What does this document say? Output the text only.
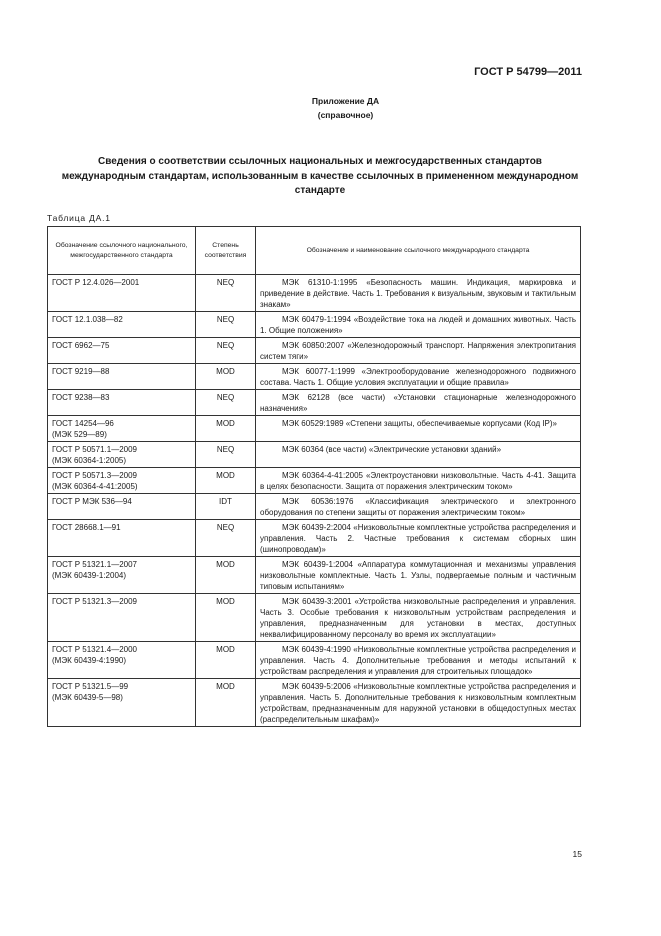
ГОСТ Р 54799—2011
Приложение ДА
(справочное)
Сведения о соответствии ссылочных национальных и межгосударственных стандартов международным стандартам, использованным в качестве ссылочных в примененном международном стандарте
Таблица ДА.1
Обозначение ссылочного национального, межгосударственного стандарта	Степень соответствия	Обозначение и наименование ссылочного международного стандарта
ГОСТ Р 12.4.026—2001	NEQ	МЭК 61310-1:1995 «Безопасность машин. Индикация, маркировка и приведение в действие. Часть 1. Требования к визуальным, звуковым и тактильным знакам»

ГОСТ 12.1.038—82	NEQ	МЭК 60479-1:1994 «Воздействие тока на людей и домашних животных. Часть 1. Общие положения»

ГОСТ 6962—75	NEQ	МЭК 60850:2007 «Железнодорожный транспорт. Напряжения электропитания систем тяги»

ГОСТ 9219—88	MOD	МЭК 60077-1:1999 «Электрооборудование железнодорожного подвижного состава. Часть 1. Общие условия эксплуатации и общие правила»

ГОСТ 9238—83	NEQ	МЭК 62128 (все части) «Установки стационарные железнодорожного назначения»

ГОСТ 14254—96
(МЭК 529—89)	MOD	МЭК 60529:1989 «Степени защиты, обеспечиваемые корпусами (Код IP)»

ГОСТ Р 50571.1—2009
(МЭК 60364-1:2005)	NEQ	МЭК 60364 (все части) «Электрические установки зданий»

ГОСТ Р 50571.3—2009
(МЭК 60364-4-41:2005)	MOD	МЭК 60364-4-41:2005 «Электроустановки низковольтные. Часть 4-41. Защита в целях безопасности. Защита от поражения электрическим током»

ГОСТ Р МЭК 536—94	IDT	МЭК 60536:1976 «Классификация электрического и электронного оборудования по степени защиты от поражения электрическим током»

ГОСТ 28668.1—91	NEQ	МЭК 60439-2:2004 «Низковольтные комплектные устройства распределения и управления. Часть 2. Частные требования к системам сборных шин (шинопроводам)»

ГОСТ Р 51321.1—2007
(МЭК 60439-1:2004)	MOD	МЭК 60439-1:2004 «Аппаратура коммутационная и механизмы управления низковольтные комплектные. Часть 1. Узлы, подвергаемые полным и частичным типовым испытаниям»

ГОСТ Р 51321.3—2009	MOD	МЭК 60439-3:2001 «Устройства низковольтные распределения и управления. Часть 3. Особые требования к низковольтным устройствам распределения и управления, предназначенным для установки в местах, доступных неквалифицированному персоналу во время их эксплуатации»

ГОСТ Р 51321.4—2000
(МЭК 60439-4:1990)	MOD	МЭК 60439-4:1990 «Низковольтные комплектные устройства распределения и управления. Часть 4. Дополнительные требования и методы испытаний к устройствам распределения и управления для строительных площадок»

ГОСТ Р 51321.5—99
(МЭК 60439-5—98)	MOD	МЭК 60439-5:2006 «Низковольтные комплектные устройства распределения и управления. Часть 5. Дополнительные требования к низковольтным комплектным устройствам, предназначенным для наружной установки в общедоступных местах (распределительным шкафам)»
15
